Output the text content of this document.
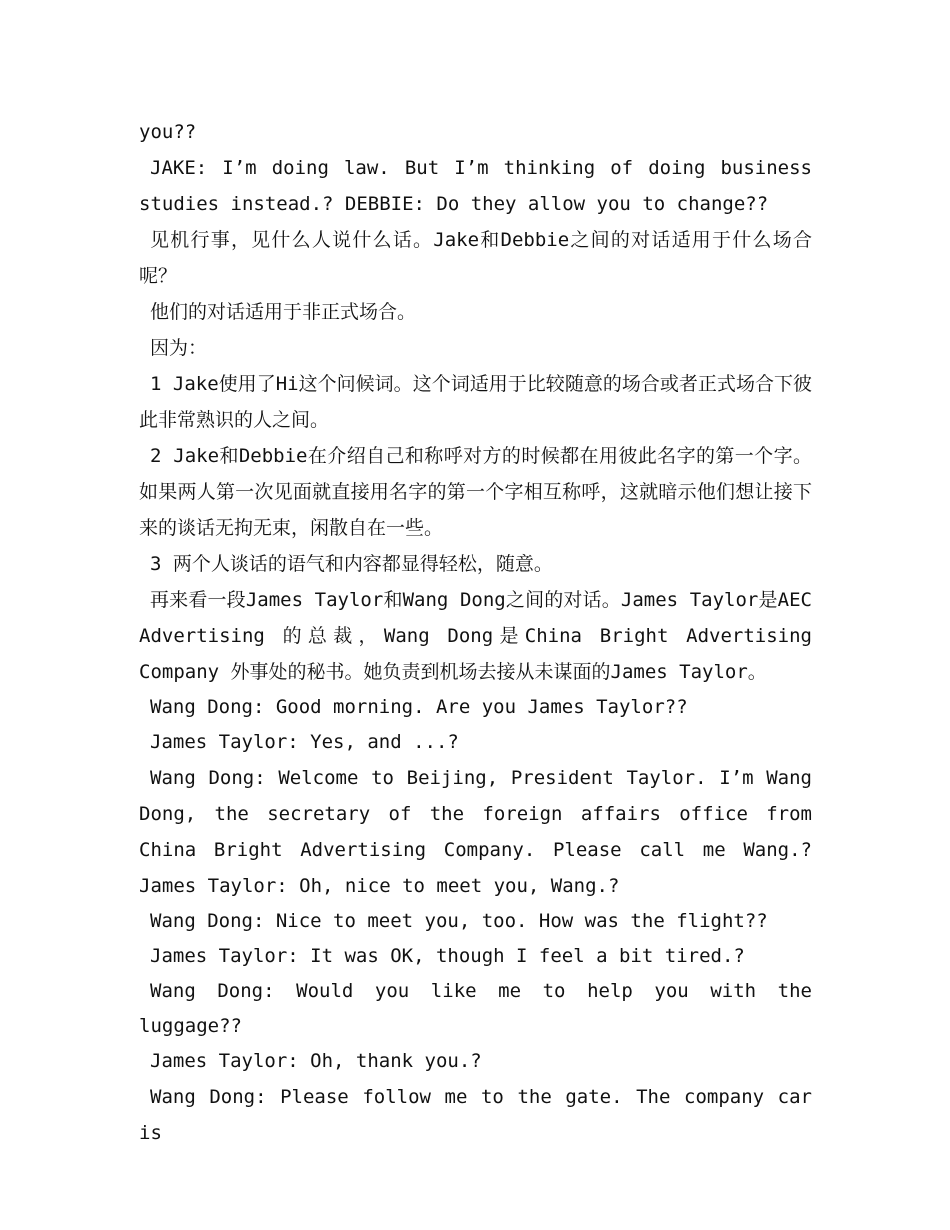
you??

JAKE: I’m doing law. But I’m thinking of doing business studies instead.? DEBBIE: Do they allow you to change??

见机行事，见什么人说什么话。Jake和Debbie之间的对话适用于什么场合呢？

他们的对话适用于非正式场合。

因为：

1 Jake使用了Hi这个问候词。这个词适用于比较随意的场合或者正式场合下彼此非常熟识的人之间。

2 Jake和Debbie在介绍自己和称呼对方的时候都在用彼此名字的第一个字。如果两人第一次见面就直接用名字的第一个字相互称呼，这就暗示他们想让接下来的谈话无拘无束，闲散自在一些。

3 两个人谈话的语气和内容都显得轻松，随意。

再来看一段James Taylor和Wang Dong之间的对话。James Taylor是AEC Advertising 的总裁，Wang Dong是China Bright Advertising Company 外事处的秘书。她负责到机场去接从未谋面的James Taylor。

Wang Dong: Good morning. Are you James Taylor??

James Taylor: Yes, and ...?

Wang Dong: Welcome to Beijing, President Taylor. I’m Wang Dong, the secretary of the foreign affairs office from China Bright Advertising Company. Please call me Wang.? James Taylor: Oh, nice to meet you, Wang.?

Wang Dong: Nice to meet you, too. How was the flight??

James Taylor: It was OK, though I feel a bit tired.?

Wang Dong: Would you like me to help you with the luggage??

James Taylor: Oh, thank you.?

Wang Dong: Please follow me to the gate. The company car is
